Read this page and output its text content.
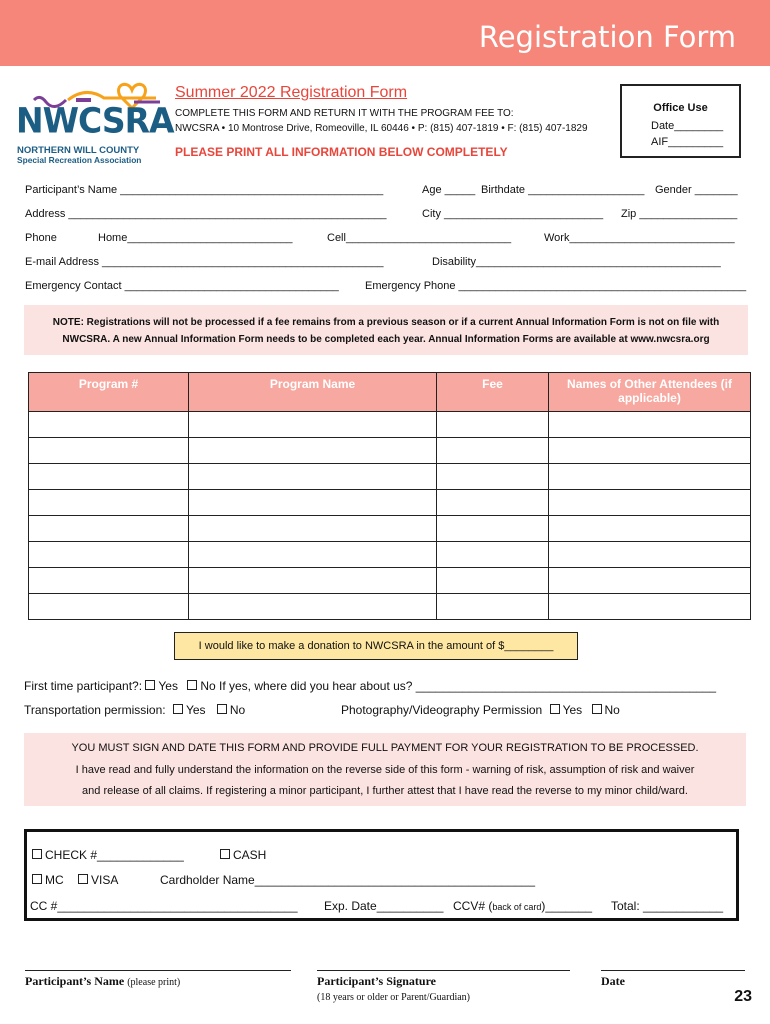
Registration Form
NWCSRA
NORTHERN WILL COUNTY
Special Recreation Association
Summer 2022 Registration Form
COMPLETE THIS FORM AND RETURN IT WITH THE PROGRAM FEE TO:
NWCSRA • 10 Montrose Drive, Romeoville, IL 60446 • P: (815) 407-1819 • F: (815) 407-1829
PLEASE PRINT ALL INFORMATION BELOW COMPLETELY
Office Use
Date________
AIF_________
Participant’s Name ___________________________________________	Age _____ Birthdate ___________________ Gender _______
Address ____________________________________________________	City __________________________ Zip ________________
Phone	Home___________________________	Cell___________________________	Work___________________________
E-mail Address ______________________________________________	Disability________________________________________
Emergency Contact ___________________________________ Emergency Phone _______________________________________________
NOTE: Registrations will not be processed if a fee remains from a previous season or if a current Annual Information Form is not on file with
NWCSRA. A new Annual Information Form needs to be completed each year. Annual Information Forms are available at www.nwcsra.org
Program #	Program Name	Fee	Names of Other Attendees (if applicable)

I would like to make a donation to NWCSRA in the amount of $________
First time participant?: Yes No If yes, where did you hear about us? _____________________________________________
Transportation permission: Yes No	Photography/Videography Permission Yes No
YOU MUST SIGN AND DATE THIS FORM AND PROVIDE FULL PAYMENT FOR YOUR REGISTRATION TO BE PROCESSED.
I have read and fully understand the information on the reverse side of this form - warning of risk, assumption of risk and waiver
and release of all claims. If registering a minor participant, I further attest that I have read the reverse to my minor child/ward.
CHECK #_____________	CASH
MC	VISA	Cardholder Name__________________________________________
CC #____________________________________ Exp. Date__________ CCV# (back of card)_______ Total: ____________
Participant’s Name (please print)	Participant’s Signature
(18 years or older or Parent/Guardian)
Date
23
